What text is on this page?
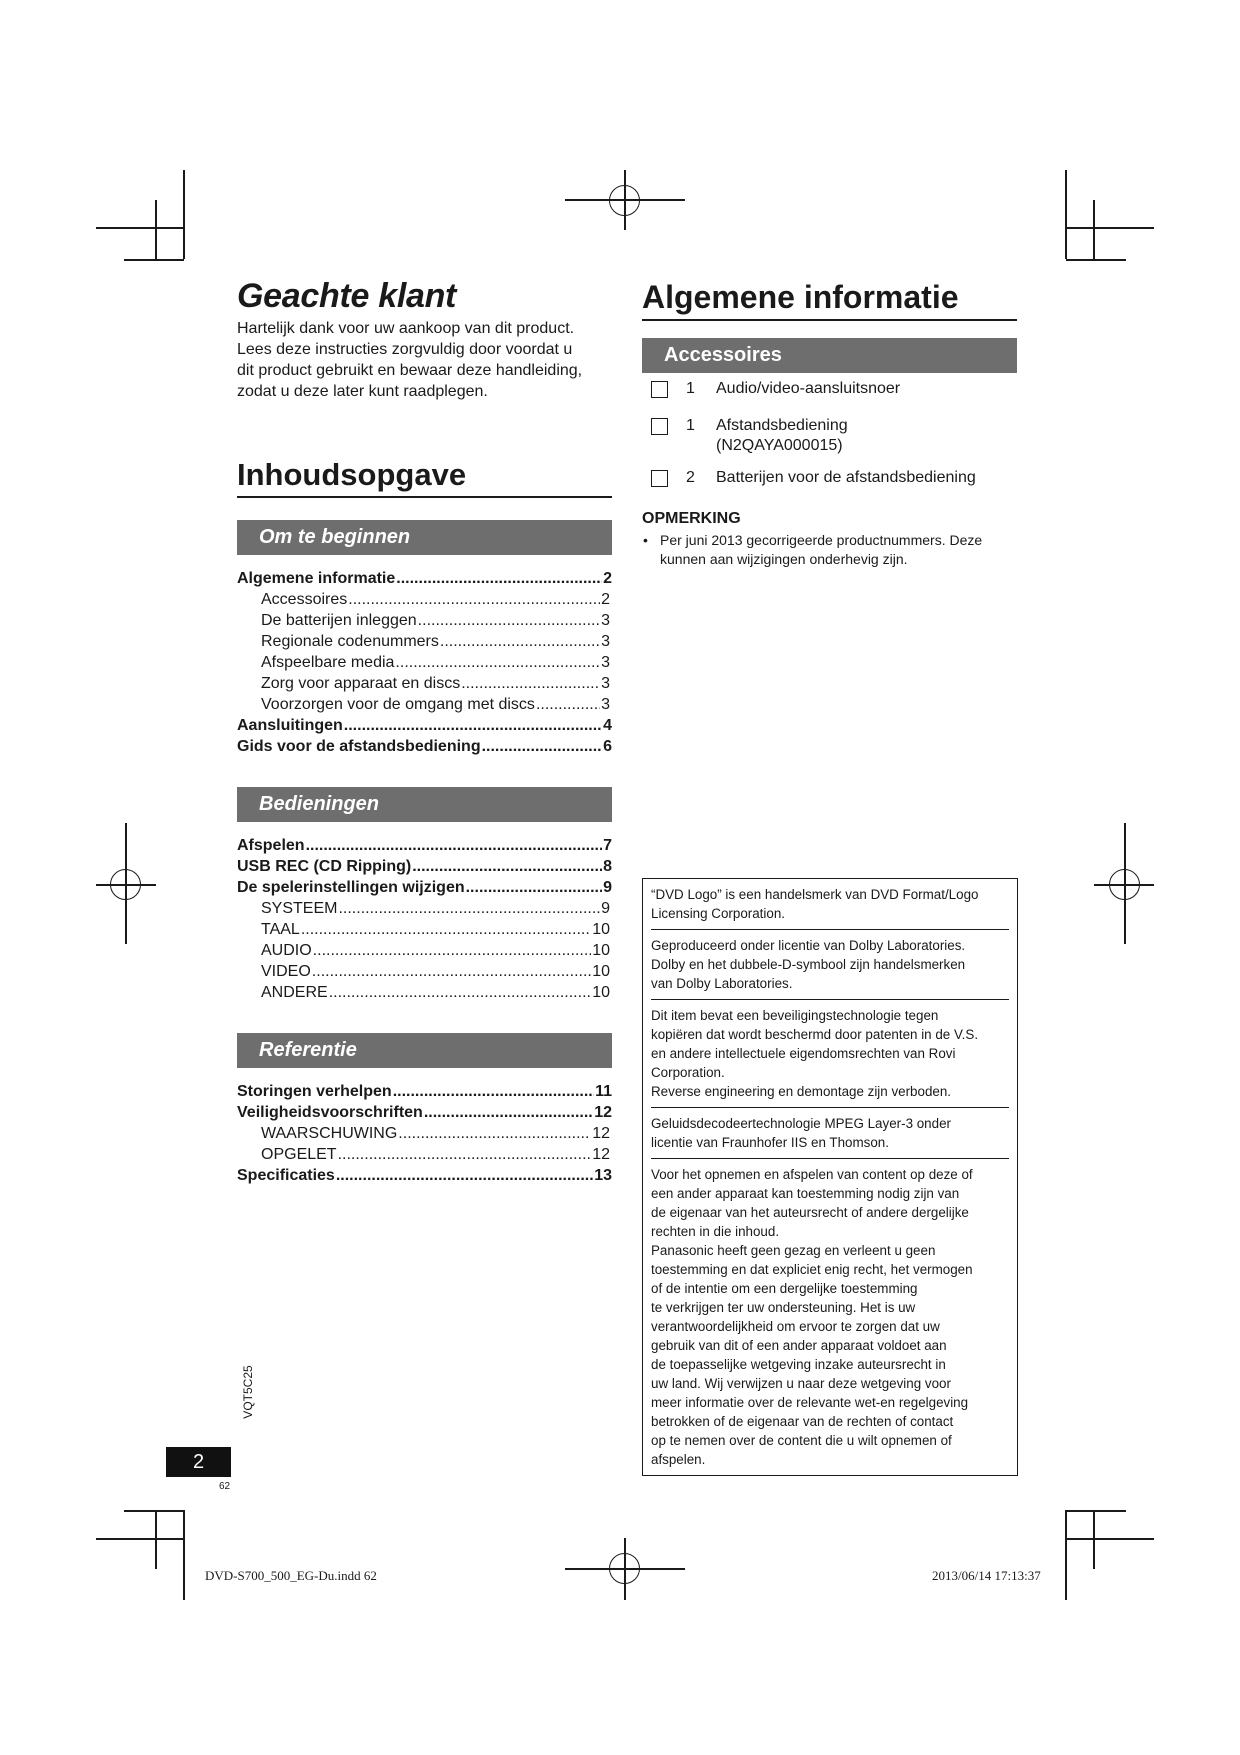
Geachte klant
Hartelijk dank voor uw aankoop van dit product.
Lees deze instructies zorgvuldig door voordat u
dit product gebruikt en bewaar deze handleiding,
zodat u deze later kunt raadplegen.
Inhoudsopgave
Om te beginnen
Algemene informatie .....	2
Accessoires .....	2
De batterijen inleggen .....	3
Regionale codenummers .....	3
Afspeelbare media .....	3
Zorg voor apparaat en discs .....	3
Voorzorgen voor de omgang met discs .....	3
Aansluitingen .....	4
Gids voor de afstandsbediening .....	6
Bedieningen
Afspelen .....	7
USB REC (CD Ripping) .....	8
De spelerinstellingen wijzigen .....	9
SYSTEEM .....	9
TAAL .....	10
AUDIO .....	10
VIDEO .....	10
ANDERE .....	10
Referentie
Storingen verhelpen .....	11
Veiligheidsvoorschriften .....	12
WAARSCHUWING .....	12
OPGELET .....	12
Specificaties .....	13
Algemene informatie
Accessoires
1	Audio/video-aansluitsnoer
1	Afstandsbediening
(N2QAYA000015)
2	Batterijen voor de afstandsbediening
OPMERKING
• Per juni 2013 gecorrigeerde productnummers. Deze
kunnen aan wijzigingen onderhevig zijn.

“DVD Logo” is een handelsmerk van DVD Format/Logo

Licensing Corporation.

Geproduceerd onder licentie van Dolby Laboratories.

Dolby en het dubbele-D-symbool zijn handelsmerken

van Dolby Laboratories.

Dit item bevat een beveiligingstechnologie tegen

kopiëren dat wordt beschermd door patenten in de V.S.

en andere intellectuele eigendomsrechten van Rovi

Corporation.

Reverse engineering en demontage zijn verboden.

Geluidsdecodeertechnologie MPEG Layer-3 onder

licentie van Fraunhofer IIS en Thomson.

Voor het opnemen en afspelen van content op deze of

een ander apparaat kan toestemming nodig zijn van

de eigenaar van het auteursrecht of andere dergelijke

rechten in die inhoud.

Panasonic heeft geen gezag en verleent u geen

toestemming en dat expliciet enig recht, het vermogen

of de intentie om een dergelijke toestemming

te verkrijgen ter uw ondersteuning. Het is uw

verantwoordelijkheid om ervoor te zorgen dat uw

gebruik van dit of een ander apparaat voldoet aan

de toepasselijke wetgeving inzake auteursrecht in

uw land. Wij verwijzen u naar deze wetgeving voor

meer informatie over de relevante wet-en regelgeving

betrokken of de eigenaar van de rechten of contact

op te nemen over de content die u wilt opnemen of

afspelen.

VQT5C25
2
62
DVD-S700_500_EG-Du.indd 62	2013/06/14 17:13:37
